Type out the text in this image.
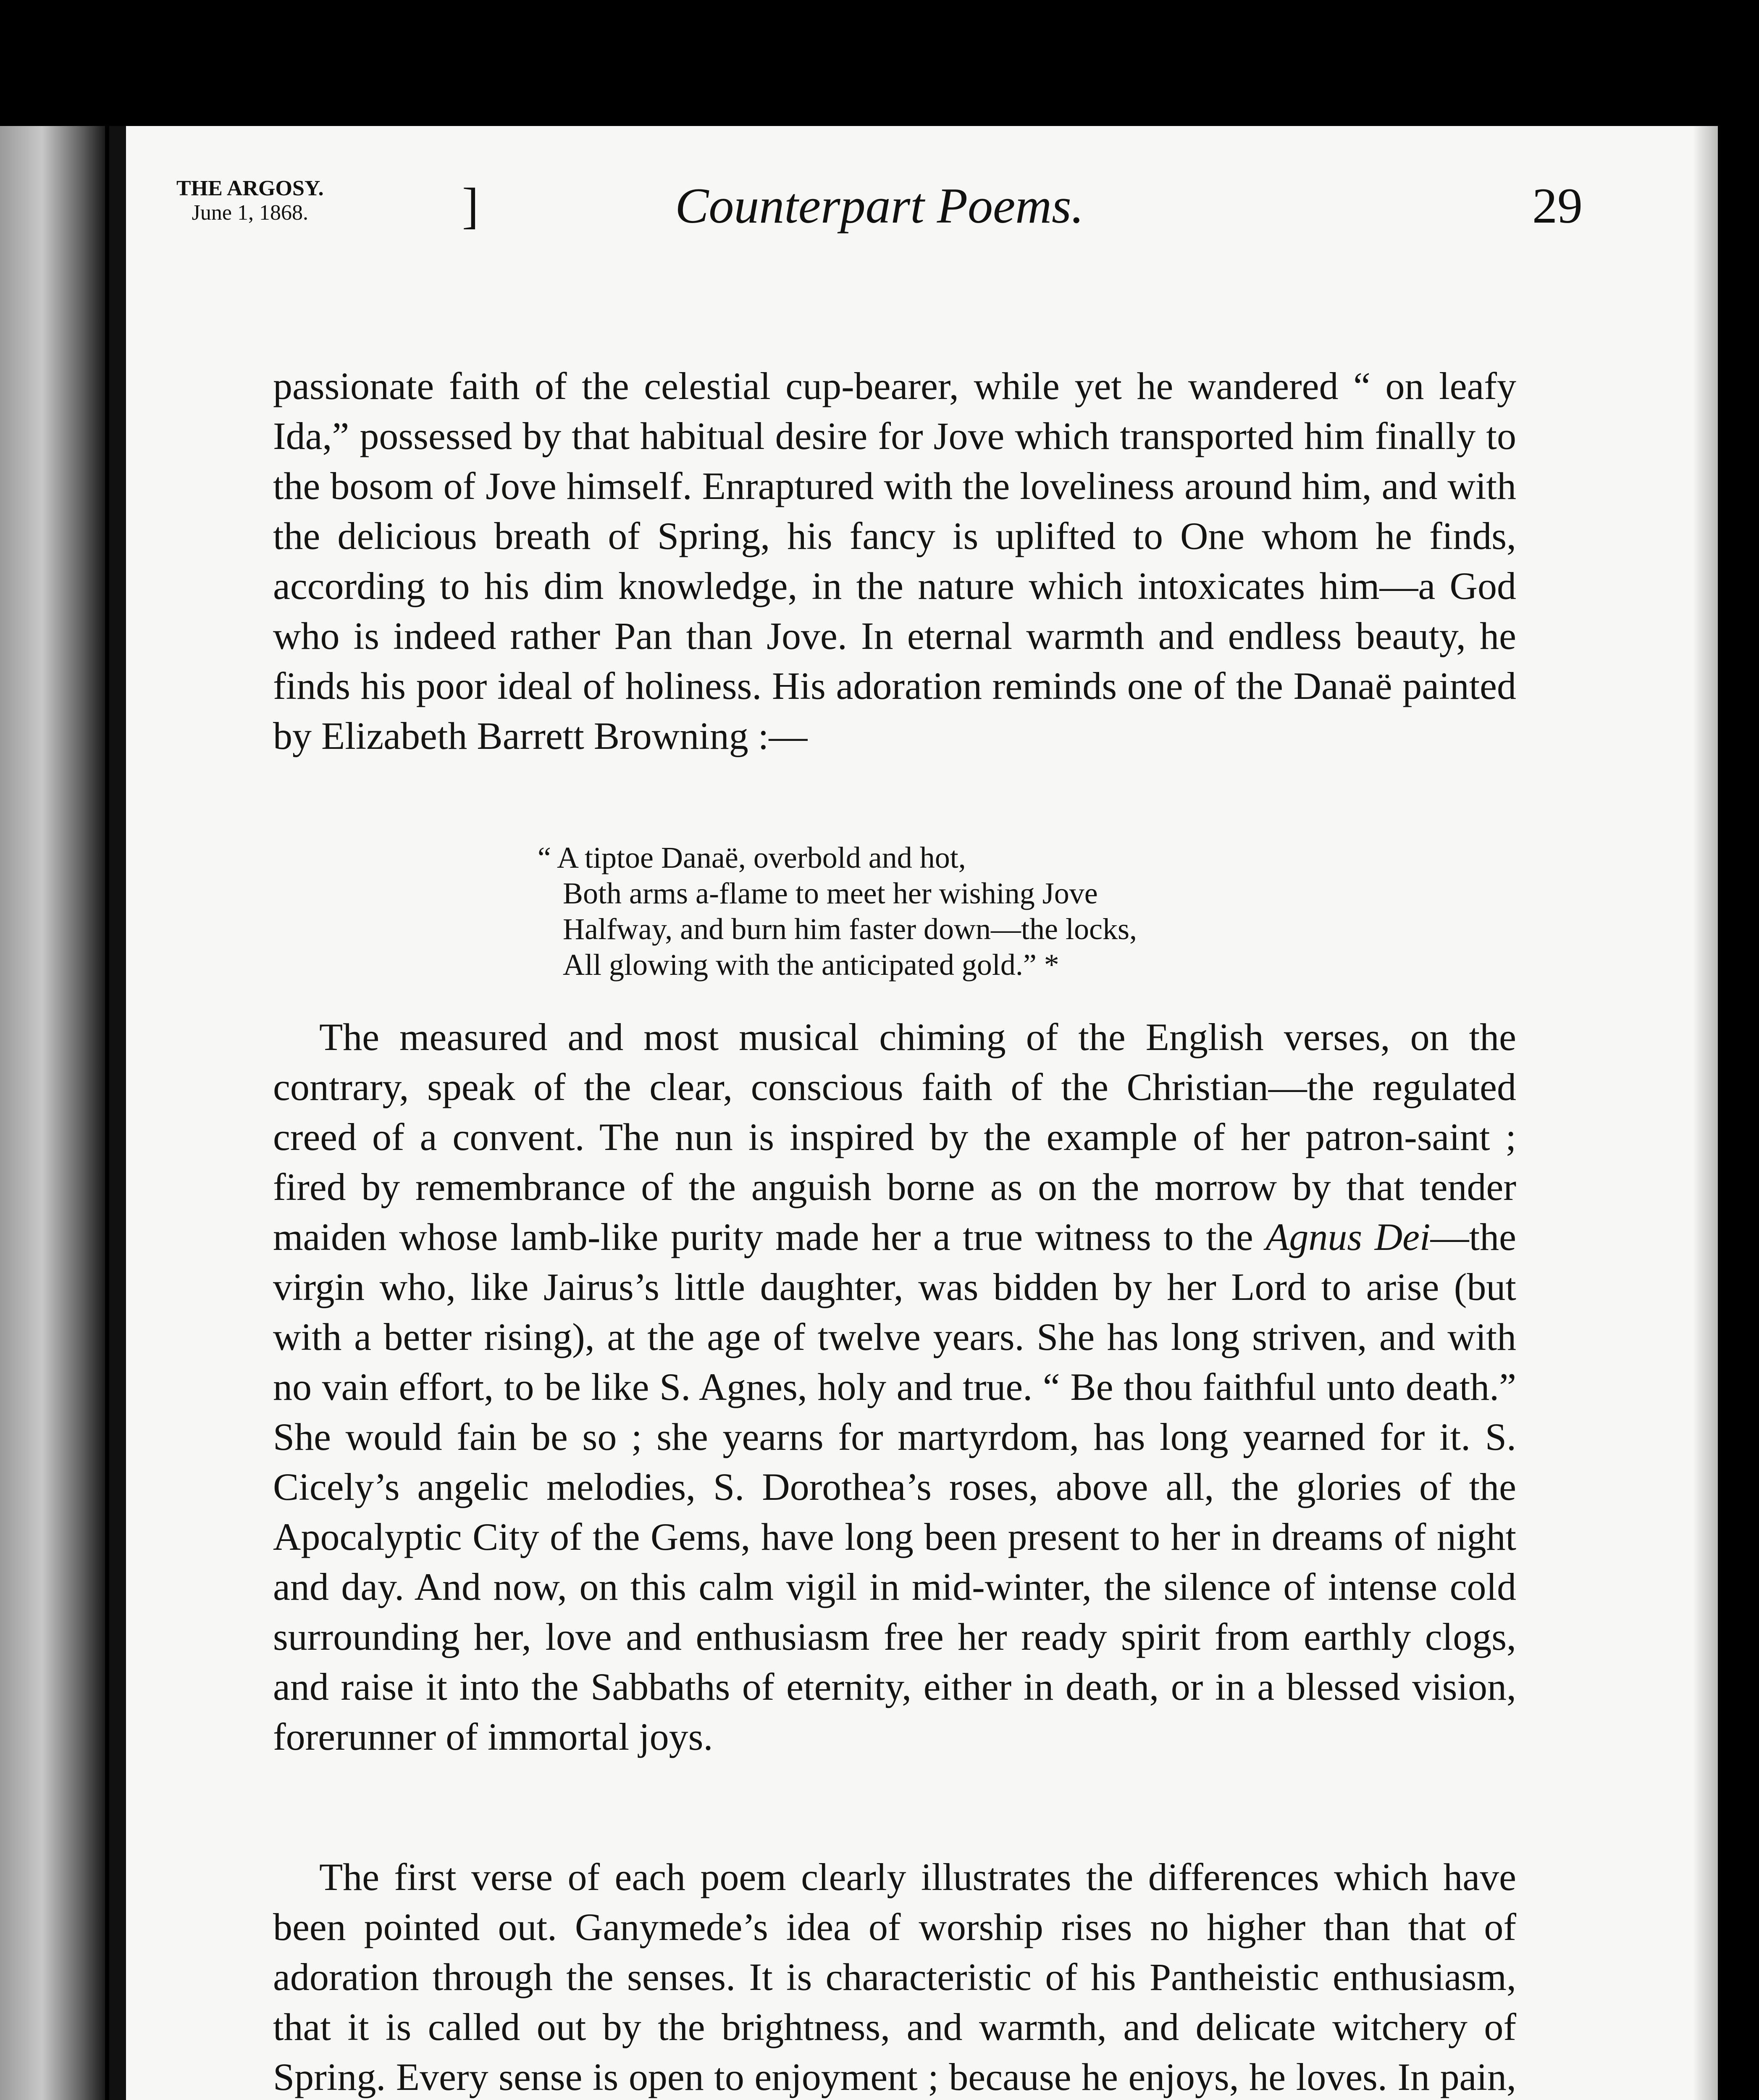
THE ARGOSY.
June 1, 1868.	]	Counterpart Poems.	29

passionate faith of the celestial cup-bearer, while yet he wandered “ on leafy Ida,” possessed by that habitual desire for Jove which transported him finally to the bosom of Jove himself. Enraptured with the loveliness around him, and with the delicious breath of Spring, his fancy is uplifted to One whom he finds, according to his dim knowledge, in the nature which intoxicates him—a God who is indeed rather Pan than Jove. In eternal warmth and endless beauty, he finds his poor ideal of holiness. His adoration reminds one of the Danaë painted by Elizabeth Barrett Browning :—

“ A tiptoe Danaë, overbold and hot,
Both arms a-flame to meet her wishing Jove
Halfway, and burn him faster down—the locks,
All glowing with the anticipated gold.” *

The measured and most musical chiming of the English verses, on the contrary, speak of the clear, conscious faith of the Christian—the regulated creed of a convent. The nun is inspired by the example of her patron-saint ; fired by remembrance of the anguish borne as on the morrow by that tender maiden whose lamb-like purity made her a true witness to the Agnus Dei—the virgin who, like Jairus’s little daughter, was bidden by her Lord to arise (but with a better rising), at the age of twelve years. She has long striven, and with no vain effort, to be like S. Agnes, holy and true. “ Be thou faithful unto death.” She would fain be so ; she yearns for martyrdom, has long yearned for it. S. Cicely’s angelic melodies, S. Dorothea’s roses, above all, the glories of the Apocalyptic City of the Gems, have long been present to her in dreams of night and day. And now, on this calm vigil in mid-winter, the silence of intense cold surrounding her, love and enthusiasm free her ready spirit from earthly clogs, and raise it into the Sabbaths of eternity, either in death, or in a blessed vision, forerunner of immortal joys.

The first verse of each poem clearly illustrates the differences which have been pointed out. Ganymede’s idea of worship rises no higher than that of adoration through the senses. It is characteristic of his Pantheistic enthusiasm, that it is called out by the brightness, and warmth, and delicate witchery of Spring. Every sense is open to enjoyment ; because he enjoys, he loves. In pain,
